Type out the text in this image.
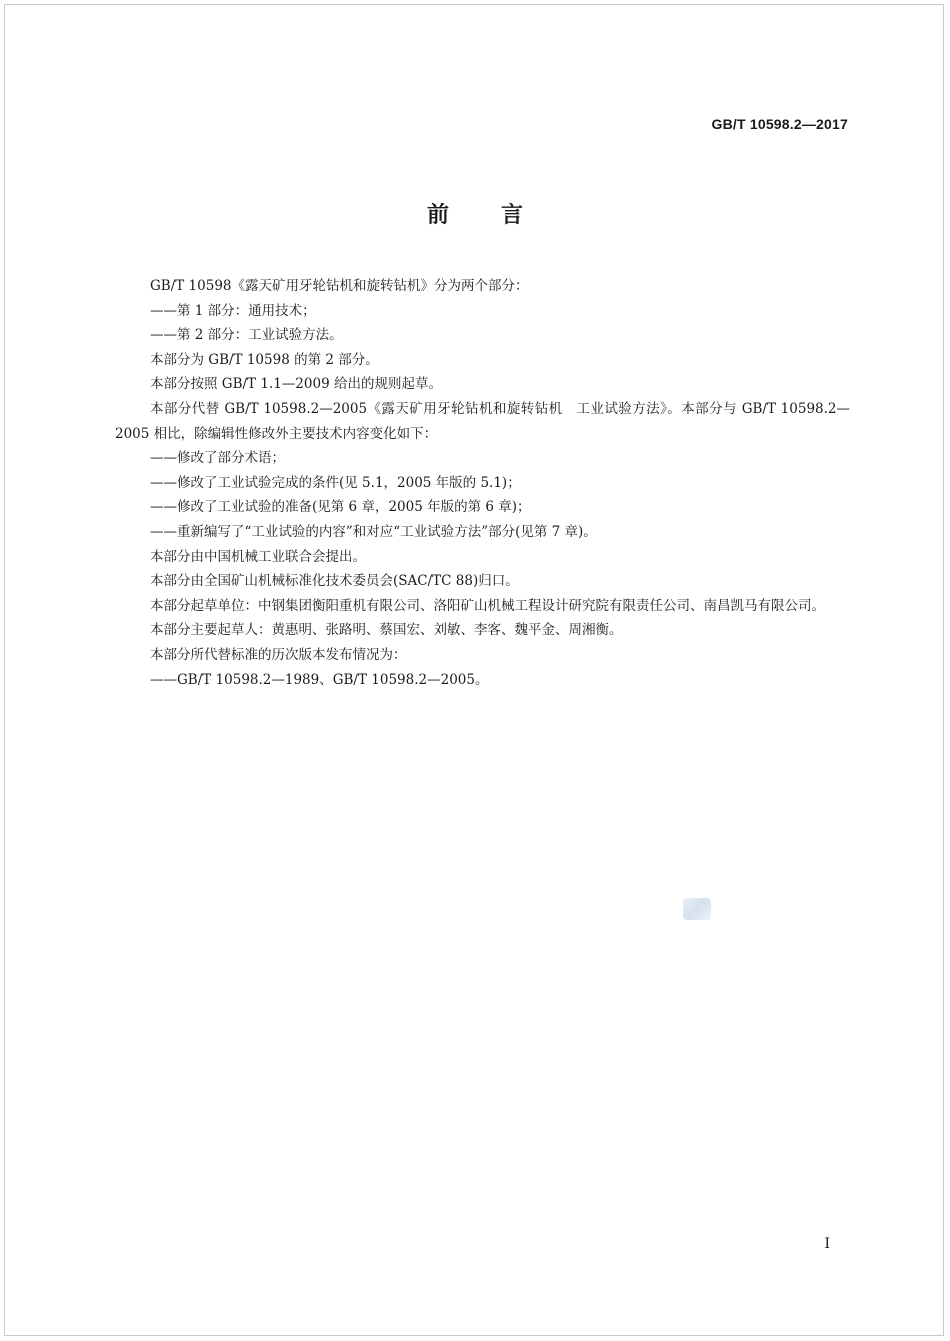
GB/T 10598.2—2017
前言

GB/T 10598《露天矿用牙轮钻机和旋转钻机》分为两个部分：

——第 1 部分：通用技术；

——第 2 部分：工业试验方法。

本部分为 GB/T 10598 的第 2 部分。

本部分按照 GB/T 1.1—2009 给出的规则起草。

本部分代替 GB/T 10598.2—2005《露天矿用牙轮钻机和旋转钻机　工业试验方法》。本部分与 GB/T 10598.2—2005 相比，除编辑性修改外主要技术内容变化如下：

——修改了部分术语；

——修改了工业试验完成的条件(见 5.1，2005 年版的 5.1)；

——修改了工业试验的准备(见第 6 章，2005 年版的第 6 章)；

——重新编写了“工业试验的内容”和对应“工业试验方法”部分(见第 7 章)。

本部分由中国机械工业联合会提出。

本部分由全国矿山机械标准化技术委员会(SAC/TC 88)归口。

本部分起草单位：中钢集团衡阳重机有限公司、洛阳矿山机械工程设计研究院有限责任公司、南昌凯马有限公司。

本部分主要起草人：黄惠明、张路明、蔡国宏、刘敏、李客、魏平金、周湘衡。

本部分所代替标准的历次版本发布情况为：

——GB/T 10598.2—1989、GB/T 10598.2—2005。

I
